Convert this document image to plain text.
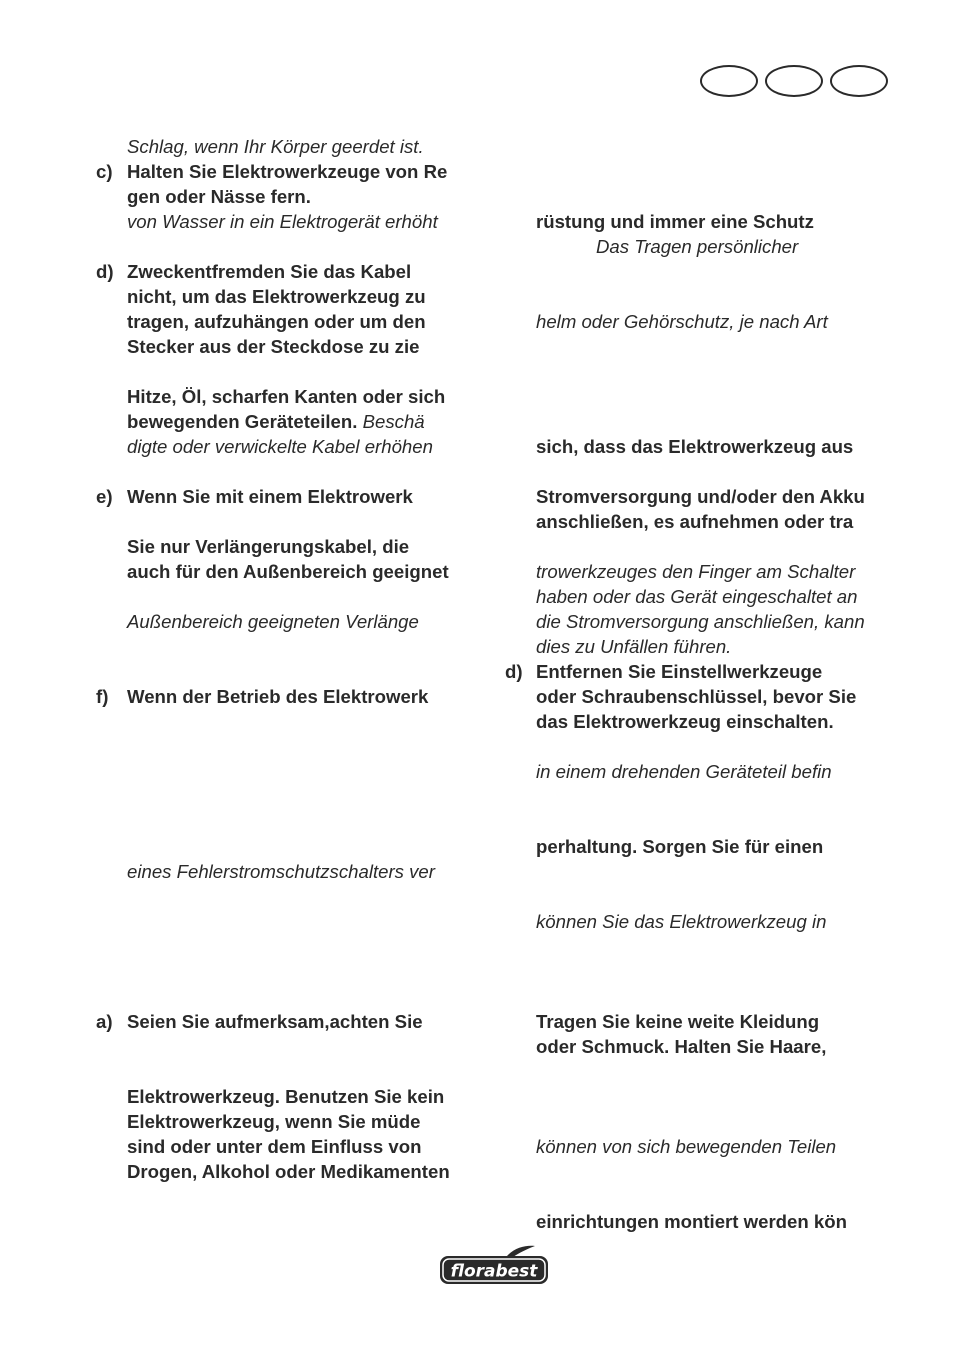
Schlag, wenn Ihr Körper geerdet ist.
c) Halten Sie Elektrowerkzeuge von Re
gen oder Nässe fern.
von Wasser in ein Elektrogerät erhöht
d) Zweckentfremden Sie das Kabel
nicht, um das Elektrowerkzeug zu
tragen, aufzuhängen oder um den
Stecker aus der Steckdose zu zie
Hitze, Öl, scharfen Kanten oder sich
bewegenden Geräteteilen. Beschä
digte oder verwickelte Kabel erhöhen
e) Wenn Sie mit einem Elektrowerk
Sie nur Verlängerungskabel, die
auch für den Außenbereich geeignet
Außenbereich geeigneten Verlänge
f) Wenn der Betrieb des Elektrowerk
eines Fehlerstromschutzschalters ver
a) Seien Sie aufmerksam,achten Sie
Elektrowerkzeug. Benutzen Sie kein
Elektrowerkzeug, wenn Sie müde
sind oder unter dem Einfluss von
Drogen, Alkohol oder Medikamenten
rüstung und immer eine Schutz
Das Tragen persönlicher
helm oder Gehörschutz, je nach Art
sich, dass das Elektrowerkzeug aus
Stromversorgung und/oder den Akku
anschließen, es aufnehmen oder tra
trowerkzeuges den Finger am Schalter
haben oder das Gerät eingeschaltet an
die Stromversorgung anschließen, kann
dies zu Unfällen führen.
d) Entfernen Sie Einstellwerkzeuge
oder Schraubenschlüssel, bevor Sie
das Elektrowerkzeug einschalten.
in einem drehenden Geräteteil befin
perhaltung. Sorgen Sie für einen
können Sie das Elektrowerkzeug in
Tragen Sie keine weite Kleidung
oder Schmuck. Halten Sie Haare,
können von sich bewegenden Teilen
einrichtungen montiert werden kön
florabest
